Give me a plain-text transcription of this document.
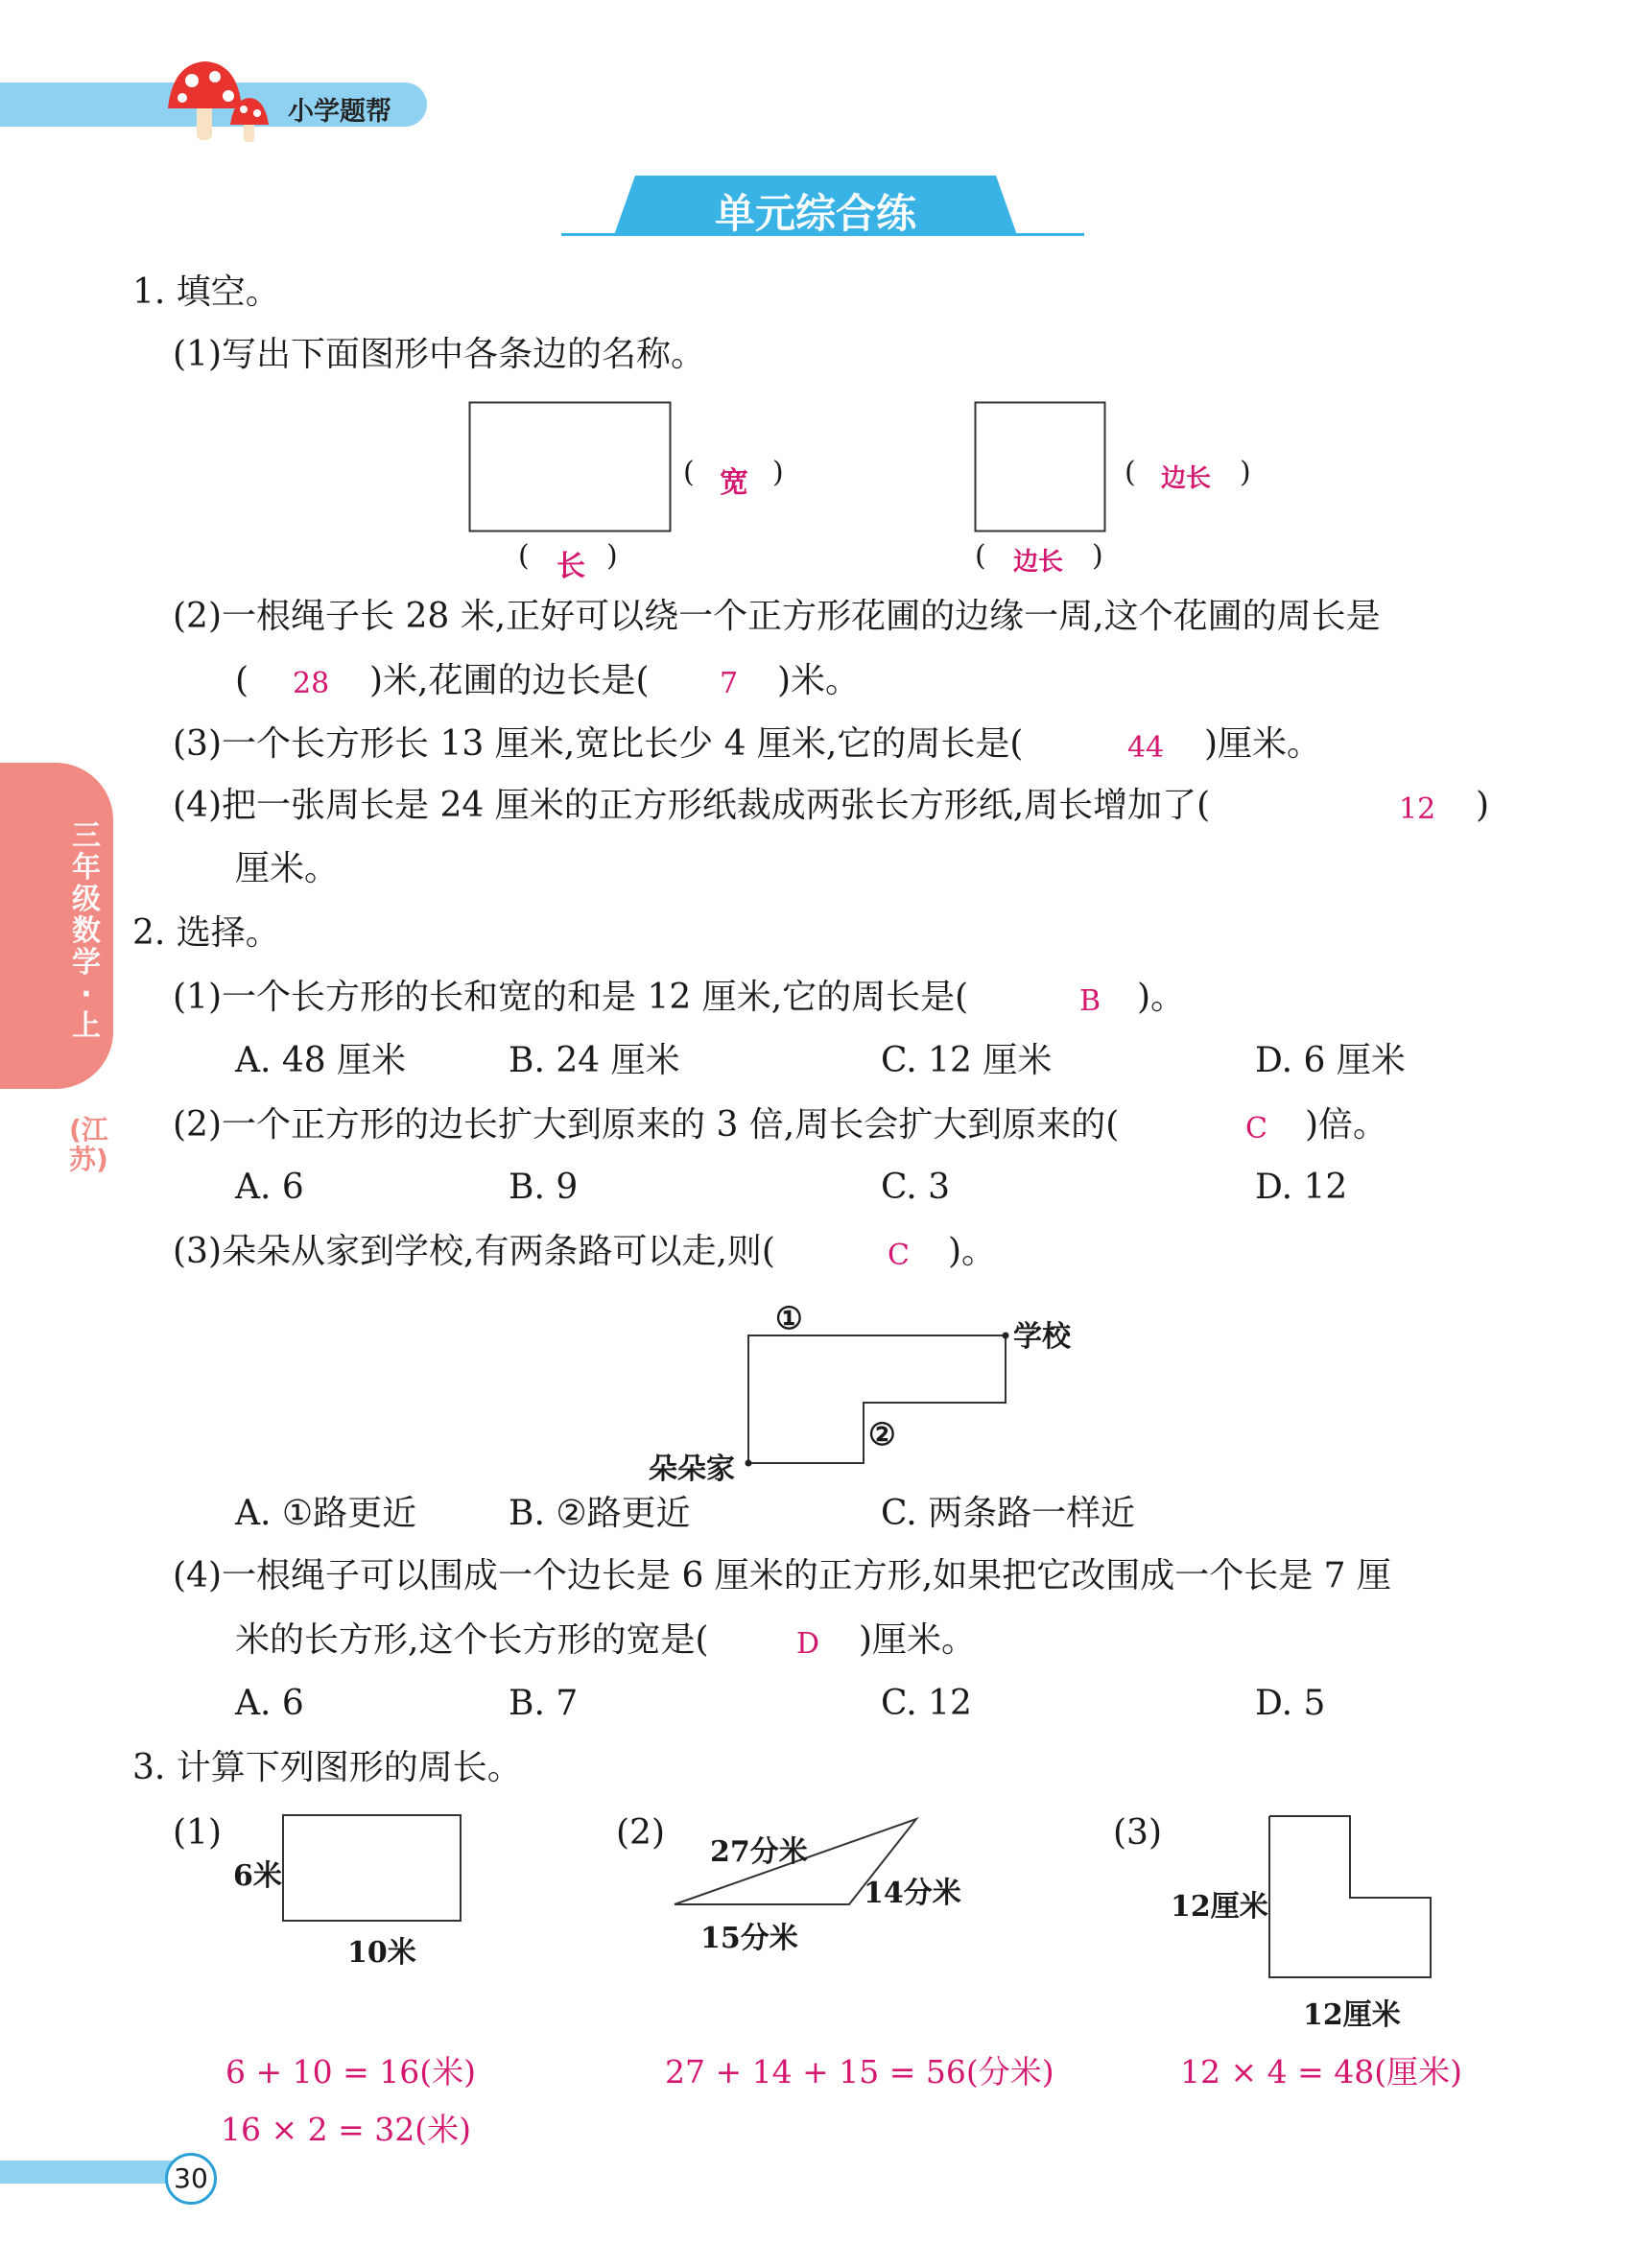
小学题帮
单元综合练
三年级数学·上
(江苏)
1. 填空。
(1)写出下面图形中各条边的名称。
( 宽 )
( 长 )
( 边长 )
( 边长 )
(2)一根绳子长 28 米,正好可以绕一个正方形花圃的边缘一周,这个花圃的周长是
( 28 )米,花圃的边长是( 7 )米。
(3)一个长方形长 13 厘米,宽比长少 4 厘米,它的周长是(	44 )厘米。
(4)把一张周长是 24 厘米的正方形纸裁成两张长方形纸,周长增加了(	12 )
厘米。
2. 选择。
(1)一个长方形的长和宽的和是 12 厘米,它的周长是(	B )。
A. 48 厘米	B. 24 厘米	C. 12 厘米	D. 6 厘米
(2)一个正方形的边长扩大到原来的 3 倍,周长会扩大到原来的(	C )倍。
A. 6	B. 9	C. 3	D. 12
(3)朵朵从家到学校,有两条路可以走,则(	C )。
①
学校
②
朵朵家
A. ①路更近	B. ②路更近	C. 两条路一样近
(4)一根绳子可以围成一个边长是 6 厘米的正方形,如果把它改围成一个长是 7 厘
米的长方形,这个长方形的宽是(	D )厘米。
A. 6	B. 7	C. 12	D. 5
3. 计算下列图形的周长。
(1)
6米
10米
6 + 10 = 16(米)
16 × 2 = 32(米)
(2) 27分米
14分米
15分米
27 + 14 + 15 = 56(分米)
(3)
12厘米
12厘米
12 × 4 = 48(厘米)
30
